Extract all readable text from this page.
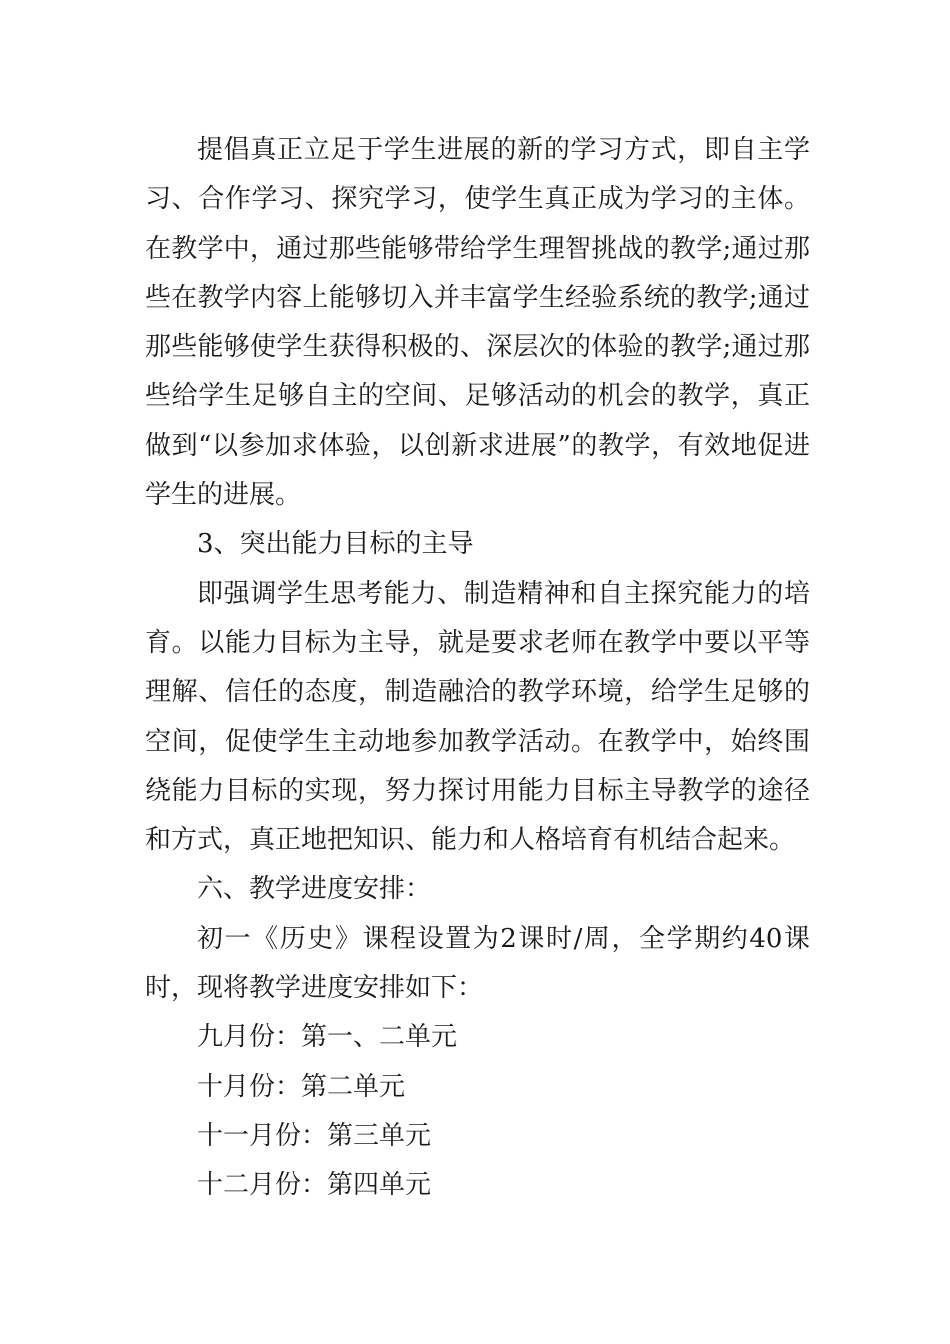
提倡真正立足于学生进展的新的学习方式，即自主学习、合作学习、探究学习，使学生真正成为学习的主体。在教学中，通过那些能够带给学生理智挑战的教学;通过那些在教学内容上能够切入并丰富学生经验系统的教学;通过那些能够使学生获得积极的、深层次的体验的教学;通过那些给学生足够自主的空间、足够活动的机会的教学，真正做到“以参加求体验，以创新求进展”的教学，有效地促进学生的进展。

3、突出能力目标的主导

即强调学生思考能力、制造精神和自主探究能力的培育。以能力目标为主导，就是要求老师在教学中要以平等理解、信任的态度，制造融洽的教学环境，给学生足够的空间，促使学生主动地参加教学活动。在教学中，始终围绕能力目标的实现，努力探讨用能力目标主导教学的途径和方式，真正地把知识、能力和人格培育有机结合起来。

六、教学进度安排：

初一《历史》课程设置为2课时/周，全学期约40课时，现将教学进度安排如下：

九月份：第一、二单元

十月份：第二单元

十一月份：第三单元

十二月份：第四单元
